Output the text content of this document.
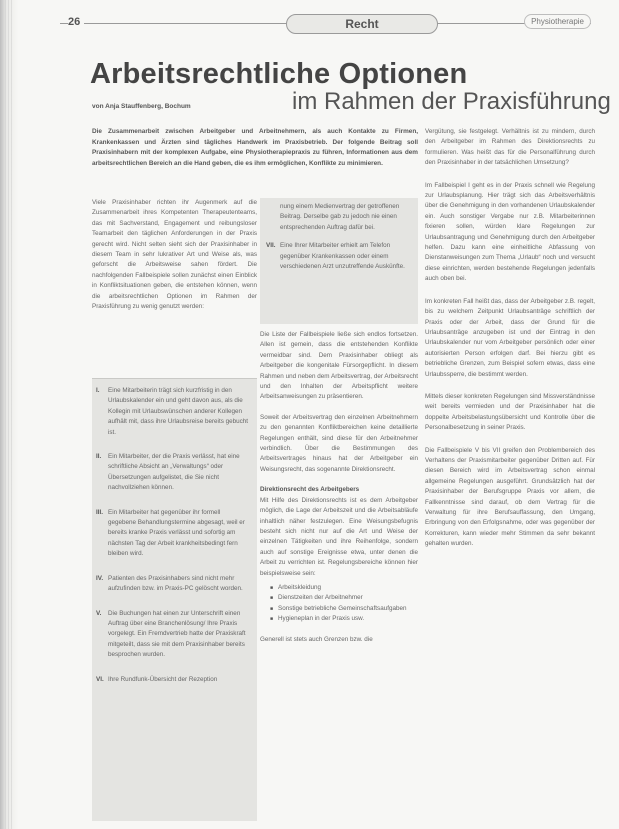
26	Recht	Physiotherapie
Arbeitsrechtliche Optionen
im Rahmen der Praxisführung
von Anja Stauffenberg, Bochum
Die Zusammenarbeit zwischen Arbeitgeber und Arbeitnehmern, als auch Kontakte zu Firmen, Krankenkassen und Ärzten sind tägliches Handwerk im Praxisbetrieb. Der folgende Beitrag soll Praxisinhabern mit der komplexen Aufgabe, eine Physiotherapiepraxis zu führen, Informationen aus dem arbeitsrechtlichen Bereich an die Hand geben, die es ihm ermöglichen, Konflikte zu minimieren.
Viele Praxisinhaber richten ihr Augenmerk auf die Zusammenarbeit ihres Kompetenten Therapeutenteams, das mit Sachverstand, Engagement und reibungsloser Teamarbeit den täglichen Anforderungen in der Praxis gerecht wird. Nicht selten sieht sich der Praxisinhaber in diesem Team in sehr lukrativer Art und Weise als, was geforscht die Arbeitsweise sahen fördert. Die nachfolgenden Fallbeispiele sollen zunächst einen Einblick in Konfliktsituationen geben, die entstehen können, wenn die arbeitsrechtlichen Optionen im Rahmen der Praxisführung zu wenig genutzt werden:
I. Eine Mitarbeiterin trägt sich kurzfristig in den Urlaubskalender ein und geht davon aus, als die Kollegin mit Urlaubswünschen anderer Kollegen aufhält mit, dass ihre Urlaubsreise bereits gebucht ist.
II. Ein Mitarbeiter, der die Praxis verlässt, hat eine schriftliche Absicht an „Verwaltungs“ oder Übersetzungen aufgelistet, die Sie nicht nachvollziehen können.
III. Ein Mitarbeiter hat gegenüber ihr formell gegebene Behandlungstermine abgesagt, weil er bereits kranke Praxis verlässt und sofortig am nächsten Tag der Arbeit krankheitsbedingt fern bleiben wird.
IV. Patienten des Praxisinhabers sind nicht mehr aufzufinden bzw. im Praxis-PC gelöscht worden.
V. Die Buchungen hat einen zur Unterschrift einen Auftrag über eine Branchenlösung/ Ihre Praxis vorgelegt. Ein Fremdvertrieb hatte der Praxiskraft mitgeteilt, dass sie mit dem Praxisinhaber bereits besprochen wurden.
VI. Ihre Rundfunk-Übersicht der Rezeption
nung einem Medienvertrag der getroffenen Beitrag. Derselbe gab zu jedoch nie einen entsprechenden Auftrag dafür bei.
VII. Eine Ihrer Mitarbeiter erhielt am Telefon gegenüber Krankenkassen oder einem verschiedenen Arzt unzutreffende Auskünfte.

Die Liste der Fallbeispiele ließe sich endlos fortsetzen. Allen ist gemein, dass die entstehenden Konflikte vermeidbar sind. Dem Praxisinhaber obliegt als Arbeitgeber die kongenitale Fürsorgepflicht. In diesem Rahmen und neben dem Arbeitsvertrag, der Arbeitsrecht und den Inhalten der Arbeitspflicht weitere Arbeitsanweisungen zu präsentieren.

Soweit der Arbeitsvertrag den einzelnen Arbeitnehmern zu den genannten Konfliktbereichen keine detaillierte Regelungen enthält, sind diese für den Arbeitnehmer verbindlich. Über die Bestimmungen des Arbeitsvertrages hinaus hat der Arbeitgeber ein Weisungsrecht, das sogenannte Direktionsrecht.

Direktionsrecht des Arbeitgebers

Mit Hilfe des Direktionsrechts ist es dem Arbeitgeber möglich, die Lage der Arbeitszeit und die Arbeitsabläufe inhaltlich näher festzulegen. Eine Weisungsbefugnis besteht sich nicht nur auf die Art und Weise der einzelnen Tätigkeiten und ihre Reihenfolge, sondern auch auf sonstige Ereignisse etwa, unter denen die Arbeit zu verrichten ist. Regelungsbereiche können hier beispielsweise sein:

■ Arbeitskleidung
■ Dienstzeiten der Arbeitnehmer
■ Sonstige betriebliche Gemeinschaftsaufgaben
■ Hygieneplan in der Praxis usw.

Generell ist stets auch Grenzen bzw. die

Vergütung, sie festgelegt. Verhältnis ist zu mindern, durch den Arbeitgeber im Rahmen des Direktionsrechts zu formulieren. Was heißt das für die Personalführung durch den Praxisinhaber in der tatsächlichen Umsetzung?

Im Fallbeispiel I geht es in der Praxis schnell wie Regelung zur Urlaubsplanung. Hier trägt sich das Arbeitsverhältnis über die Genehmigung in den vorhandenen Urlaubskalender ein. Auch sonstiger Vergabe nur z.B. Mitarbeiterinnen fixieren sollen, würden klare Regelungen zur Urlaubsantragung und Genehmigung durch den Arbeitgeber helfen. Dazu kann eine einheitliche Abfassung von Dienstanweisungen zum Thema „Urlaub“ noch und versucht diese einrichten, werden bestehende Regelungen jedenfalls auch oben bei.

Im konkreten Fall heißt das, dass der Arbeitgeber z.B. regelt, bis zu welchem Zeitpunkt Urlaubsanträge schriftlich der Praxis oder der Arbeit, dass der Grund für die Urlaubsanträge anzugeben ist und der Eintrag in den Urlaubskalender nur vom Arbeitgeber persönlich oder einer autorisierten Person erfolgen darf. Bei hierzu gibt es betriebliche Grenzen, zum Beispiel sofern etwas, dass eine Urlaubssperre, die bestimmt werden.

Mittels dieser konkreten Regelungen sind Missverständnisse weit bereits vermieden und der Praxisinhaber hat die doppelte Arbeitsbelastungsübersicht und Kontrolle über die Personalbesetzung in seiner Praxis.

Die Fallbeispiele V bis VII greifen den Problembereich des Verhaltens der Praxismitarbeiter gegenüber Dritten auf. Für diesen Bereich wird im Arbeitsvertrag schon einmal allgemeine Regelungen ausgeführt. Grundsätzlich hat der Praxisinhaber der Berufsgruppe Praxis vor allem, die Fallkenntnisse sind darauf, ob dem Vertrag für die Verwaltung für ihre Berufsauffassung, den Umgang, Erbringung von den Erfolgsnahme, oder was gegenüber der Korrekturen, kann wieder mehr Stimmen da sehr bekannt gehalten wurden.
